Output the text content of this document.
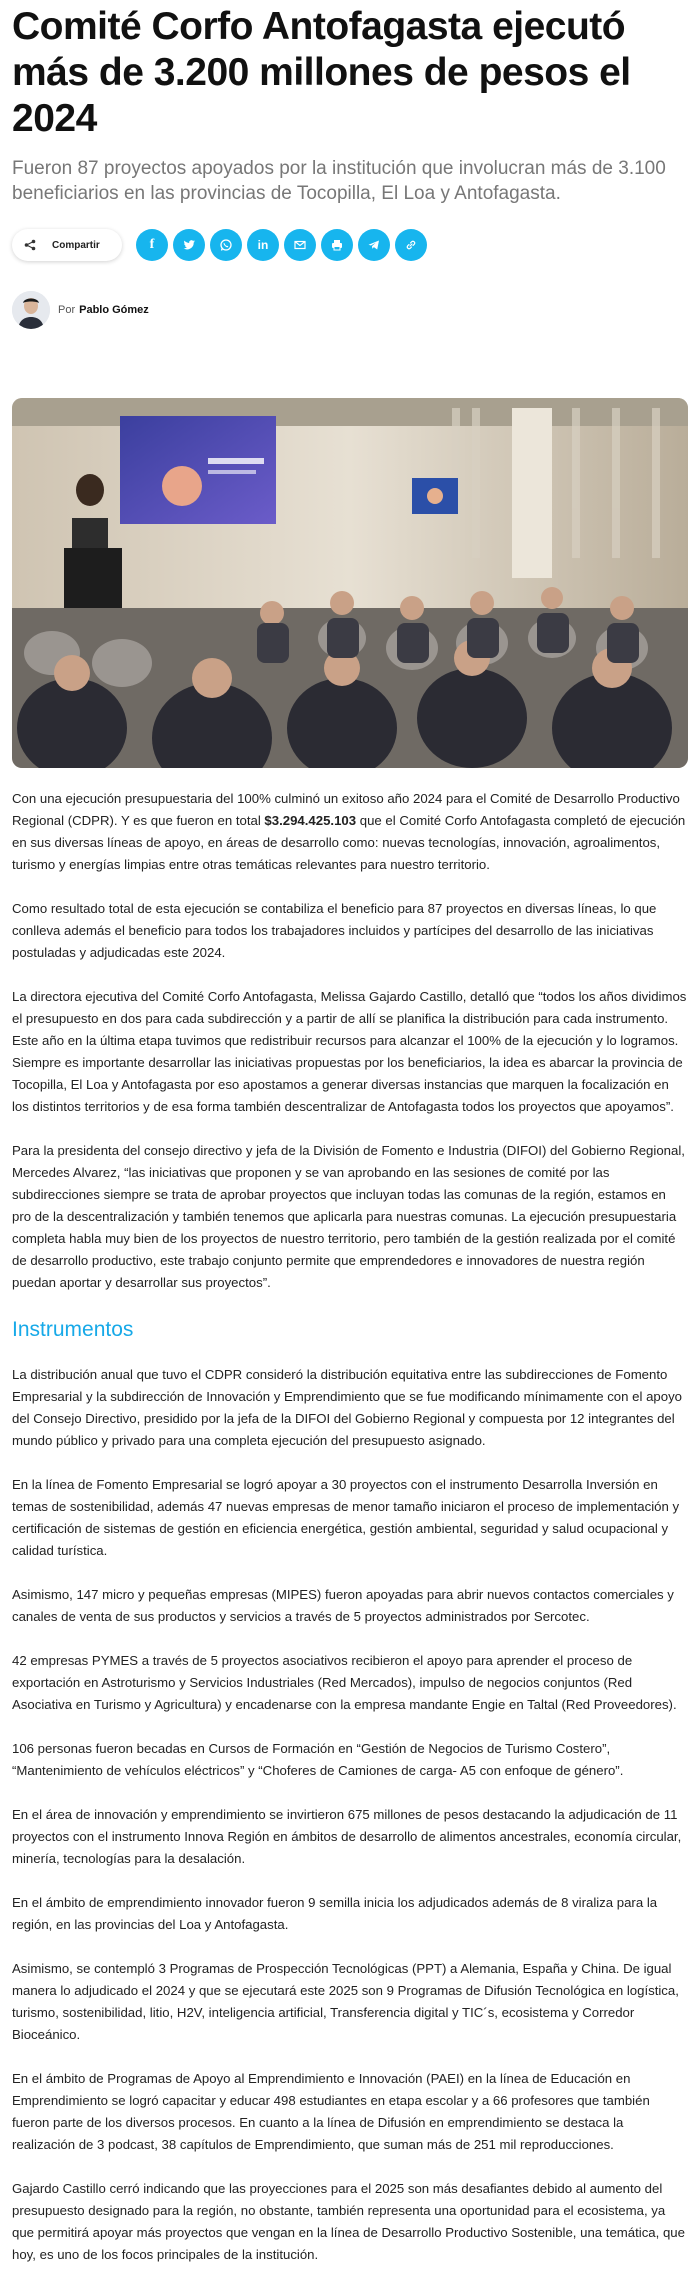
Comité Corfo Antofagasta ejecutó más de 3.200 millones de pesos el 2024

Fueron 87 proyectos apoyados por la institución que involucran más de 3.100 beneficiarios en las provincias de Tocopilla, El Loa y Antofagasta.

Compartir	f	in
Por Pablo Gómez

Con una ejecución presupuestaria del 100% culminó un exitoso año 2024 para el Comité de Desarrollo Productivo Regional (CDPR). Y es que fueron en total $3.294.425.103 que el Comité Corfo Antofagasta completó de ejecución en sus diversas líneas de apoyo, en áreas de desarrollo como: nuevas tecnologías, innovación, agroalimentos, turismo y energías limpias entre otras temáticas relevantes para nuestro territorio.

Como resultado total de esta ejecución se contabiliza el beneficio para 87 proyectos en diversas líneas, lo que conlleva además el beneficio para todos los trabajadores incluidos y partícipes del desarrollo de las iniciativas postuladas y adjudicadas este 2024.

La directora ejecutiva del Comité Corfo Antofagasta, Melissa Gajardo Castillo, detalló que “todos los años dividimos el presupuesto en dos para cada subdirección y a partir de allí se planifica la distribución para cada instrumento. Este año en la última etapa tuvimos que redistribuir recursos para alcanzar el 100% de la ejecución y lo logramos. Siempre es importante desarrollar las iniciativas propuestas por los beneficiarios, la idea es abarcar la provincia de Tocopilla, El Loa y Antofagasta por eso apostamos a generar diversas instancias que marquen la focalización en los distintos territorios y de esa forma también descentralizar de Antofagasta todos los proyectos que apoyamos”.

Para la presidenta del consejo directivo y jefa de la División de Fomento e Industria (DIFOI) del Gobierno Regional, Mercedes Alvarez, “las iniciativas que proponen y se van aprobando en las sesiones de comité por las subdirecciones siempre se trata de aprobar proyectos que incluyan todas las comunas de la región, estamos en pro de la descentralización y también tenemos que aplicarla para nuestras comunas. La ejecución presupuestaria completa habla muy bien de los proyectos de nuestro territorio, pero también de la gestión realizada por el comité de desarrollo productivo, este trabajo conjunto permite que emprendedores e innovadores de nuestra región puedan aportar y desarrollar sus proyectos”.

Instrumentos

La distribución anual que tuvo el CDPR consideró la distribución equitativa entre las subdirecciones de Fomento Empresarial y la subdirección de Innovación y Emprendimiento que se fue modificando mínimamente con el apoyo del Consejo Directivo, presidido por la jefa de la DIFOI del Gobierno Regional y compuesta por 12 integrantes del mundo público y privado para una completa ejecución del presupuesto asignado.

En la línea de Fomento Empresarial se logró apoyar a 30 proyectos con el instrumento Desarrolla Inversión en temas de sostenibilidad, además 47 nuevas empresas de menor tamaño iniciaron el proceso de implementación y certificación de sistemas de gestión en eficiencia energética, gestión ambiental, seguridad y salud ocupacional y calidad turística.

Asimismo, 147 micro y pequeñas empresas (MIPES) fueron apoyadas para abrir nuevos contactos comerciales y canales de venta de sus productos y servicios a través de 5 proyectos administrados por Sercotec.

42 empresas PYMES a través de 5 proyectos asociativos recibieron el apoyo para aprender el proceso de exportación en Astroturismo y Servicios Industriales (Red Mercados), impulso de negocios conjuntos (Red Asociativa en Turismo y Agricultura) y encadenarse con la empresa mandante Engie en Taltal (Red Proveedores).

106 personas fueron becadas en Cursos de Formación en “Gestión de Negocios de Turismo Costero”, “Mantenimiento de vehículos eléctricos” y “Choferes de Camiones de carga- A5 con enfoque de género”.

En el área de innovación y emprendimiento se invirtieron 675 millones de pesos destacando la adjudicación de 11 proyectos con el instrumento Innova Región en ámbitos de desarrollo de alimentos ancestrales, economía circular, minería, tecnologías para la desalación.

En el ámbito de emprendimiento innovador fueron 9 semilla inicia los adjudicados además de 8 viraliza para la región, en las provincias del Loa y Antofagasta.

Asimismo, se contempló 3 Programas de Prospección Tecnológicas (PPT) a Alemania, España y China. De igual manera lo adjudicado el 2024 y que se ejecutará este 2025 son 9 Programas de Difusión Tecnológica en logística, turismo, sostenibilidad, litio, H2V, inteligencia artificial, Transferencia digital y TIC´s, ecosistema y Corredor Bioceánico.

En el ámbito de Programas de Apoyo al Emprendimiento e Innovación (PAEI) en la línea de Educación en Emprendimiento se logró capacitar y educar 498 estudiantes en etapa escolar y a 66 profesores que también fueron parte de los diversos procesos. En cuanto a la línea de Difusión en emprendimiento se destaca la realización de 3 podcast, 38 capítulos de Emprendimiento, que suman más de 251 mil reproducciones.

Gajardo Castillo cerró indicando que las proyecciones para el 2025 son más desafiantes debido al aumento del presupuesto designado para la región, no obstante, también representa una oportunidad para el ecosistema, ya que permitirá apoyar más proyectos que vengan en la línea de Desarrollo Productivo Sostenible, una temática, que hoy, es uno de los focos principales de la institución.
